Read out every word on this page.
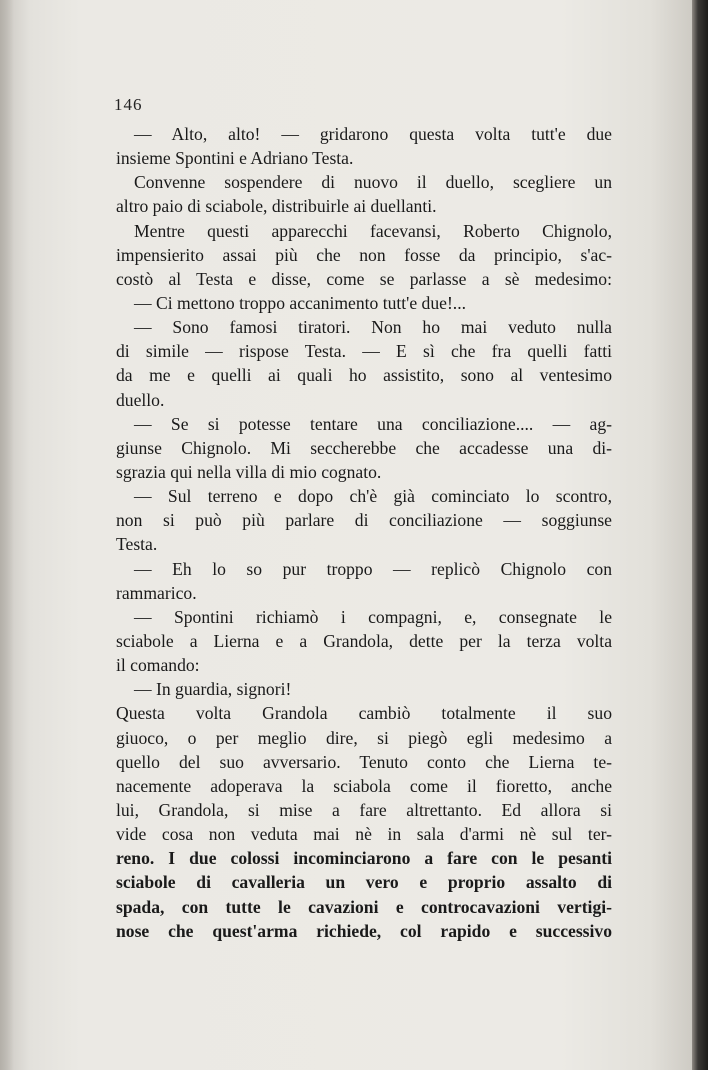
146
— Alto, alto! — gridarono questa volta tutt'e due
insieme Spontini e Adriano Testa.
Convenne sospendere di nuovo il duello, scegliere un
altro paio di sciabole, distribuirle ai duellanti.
Mentre questi apparecchi facevansi, Roberto Chignolo,
impensierito assai più che non fosse da principio, s'ac-
costò al Testa e disse, come se parlasse a sè medesimo:
— Ci mettono troppo accanimento tutt'e due!...
— Sono famosi tiratori. Non ho mai veduto nulla
di simile — rispose Testa. — E sì che fra quelli fatti
da me e quelli ai quali ho assistito, sono al ventesimo
duello.
— Se si potesse tentare una conciliazione.... — ag-
giunse Chignolo. Mi seccherebbe che accadesse una di-
sgrazia qui nella villa di mio cognato.
— Sul terreno e dopo ch'è già cominciato lo scontro,
non si può più parlare di conciliazione — soggiunse
Testa.
— Eh lo so pur troppo — replicò Chignolo con
rammarico.
— Spontini richiamò i compagni, e, consegnate le
sciabole a Lierna e a Grandola, dette per la terza volta
il comando:
— In guardia, signori!
Questa volta Grandola cambiò totalmente il suo
giuoco, o per meglio dire, si piegò egli medesimo a
quello del suo avversario. Tenuto conto che Lierna te-
nacemente adoperava la sciabola come il fioretto, anche
lui, Grandola, si mise a fare altrettanto. Ed allora si
vide cosa non veduta mai nè in sala d'armi nè sul ter-
reno. I due colossi incominciarono a fare con le pesanti
sciabole di cavalleria un vero e proprio assalto di
spada, con tutte le cavazioni e controcavazioni vertigi-
nose che quest'arma richiede, col rapido e successivo
